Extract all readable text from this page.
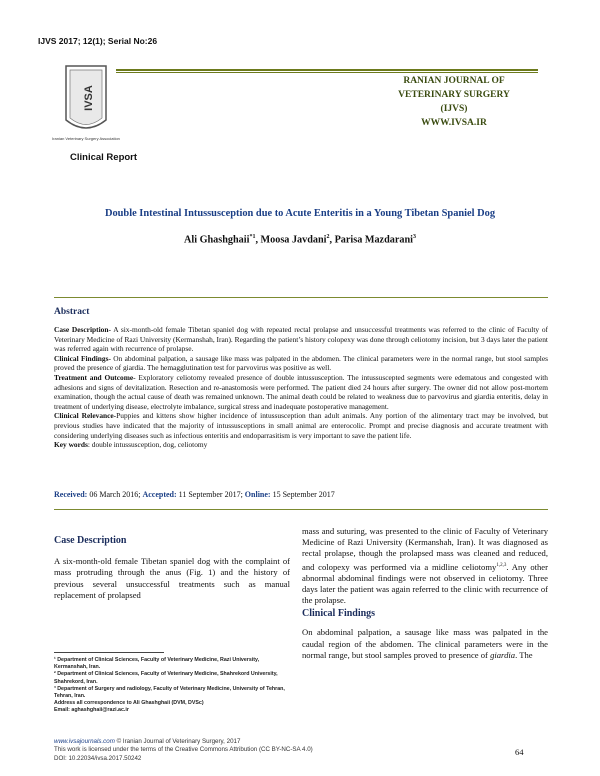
IJVS 2017; 12(1); Serial No:26
IVSA
Iranian Veterinary Surgery Association
RANIAN JOURNAL OF
VETERINARY SURGERY
(IJVS)
WWW.IVSA.IR
Clinical Report
Double Intestinal Intussusception due to Acute Enteritis in a Young Tibetan Spaniel Dog
Ali Ghashghaii$^{*1}$, Moosa Javdani$^2$, Parisa Mazdarani$^3$
Abstract

Case Description- A six-month-old female Tibetan spaniel dog with repeated rectal prolapse and unsuccessful treatments was referred to the clinic of Faculty of Veterinary Medicine of Razi University (Kermanshah, Iran). Regarding the patient’s history colopexy was done through celiotomy incision, but 3 days later the patient was referred again with recurrence of prolapse.

Clinical Findings- On abdominal palpation, a sausage like mass was palpated in the abdomen. The clinical parameters were in the normal range, but stool samples proved the presence of giardia. The hemagglutination test for parvovirus was positive as well.

Treatment and Outcome- Exploratory celiotomy revealed presence of double intussusception. The intussuscepted segments were edematous and congested with adhesions and signs of devitalization. Resection and re-anastomosis were performed. The patient died 24 hours after surgery. The owner did not allow post-mortem examination, though the actual cause of death was remained unknown. The animal death could be related to weakness due to parvovirus and giardia enteritis, delay in treatment of underlying disease, electrolyte imbalance, surgical stress and inadequate postoperative management.

Clinical Relevance-Puppies and kittens show higher incidence of intussusception than adult animals. Any portion of the alimentary tract may be involved, but previous studies have indicated that the majority of intussusceptions in small animal are enterocolic. Prompt and precise diagnosis and accurate treatment with considering underlying diseases such as infectious enteritis and endoparrasitism is very important to save the patient life.

Key words: double intussusception, dog, celiotomy

Received: 06 March 2016; Accepted: 11 September 2017; Online: 15 September 2017
Case Description
A six-month-old female Tibetan spaniel dog with the complaint of mass protruding through the anus (Fig. 1) and the history of previous several unsuccessful treatments such as manual replacement of prolapsed
mass and suturing, was presented to the clinic of Faculty of Veterinary Medicine of Razi University (Kermanshah, Iran). It was diagnosed as rectal prolapse, though the prolapsed mass was cleaned and reduced, and colopexy was performed via a midline celiotomy$^{1,2,3}$. Any other abnormal abdominal findings were not observed in celiotomy. Three days later the patient was again referred to the clinic with recurrence of the prolapse.
Clinical Findings
On abdominal palpation, a sausage like mass was palpated in the caudal region of the abdomen. The clinical parameters were in the normal range, but stool samples proved to presence of giardia. The
¹ Department of Clinical Sciences, Faculty of Veterinary Medicine, Razi University, Kermanshah, Iran.
² Department of Clinical Sciences, Faculty of Veterinary Medicine, Shahrekord University, Shahrekord, Iran.
³ Department of Surgery and radiology, Faculty of Veterinary Medicine, University of Tehran, Tehran, Iran.
Address all correspondence to Ali Ghashghaii (DVM, DVSc)
Email: aghashghaii@razi.ac.ir
www.ivsajournals.com © Iranian Journal of Veterinary Surgery, 2017
This work is licensed under the terms of the Creative Commons Attribution (CC BY-NC-SA 4.0)
DOI: 10.22034/ivsa.2017.50242
64
